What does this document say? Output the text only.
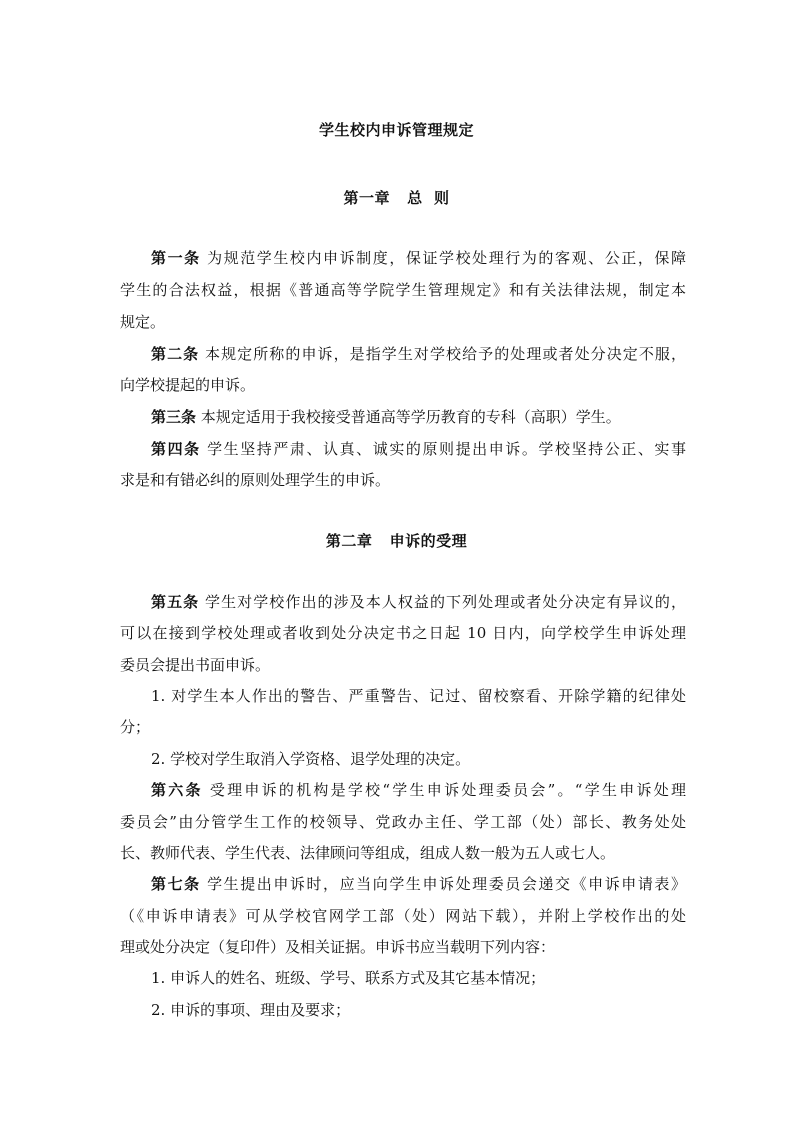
学生校内申诉管理规定
第一章   总  则
第一条 为规范学生校内申诉制度，保证学校处理行为的客观、公正，保障
学生的合法权益，根据《普通高等学院学生管理规定》和有关法律法规，制定本
规定。
第二条 本规定所称的申诉，是指学生对学校给予的处理或者处分决定不服，
向学校提起的申诉。
第三条 本规定适用于我校接受普通高等学历教育的专科（高职）学生。
第四条 学生坚持严肃、认真、诚实的原则提出申诉。学校坚持公正、实事
求是和有错必纠的原则处理学生的申诉。
第二章   申诉的受理
第五条 学生对学校作出的涉及本人权益的下列处理或者处分决定有异议的，
可以在接到学校处理或者收到处分决定书之日起 10 日内，向学校学生申诉处理
委员会提出书面申诉。
1. 对学生本人作出的警告、严重警告、记过、留校察看、开除学籍的纪律处
分；
2. 学校对学生取消入学资格、退学处理的决定。
第六条 受理申诉的机构是学校“学生申诉处理委员会”。“学生申诉处理
委员会”由分管学生工作的校领导、党政办主任、学工部（处）部长、教务处处
长、教师代表、学生代表、法律顾问等组成，组成人数一般为五人或七人。
第七条 学生提出申诉时，应当向学生申诉处理委员会递交《申诉申请表》
（《申诉申请表》可从学校官网学工部（处）网站下载），并附上学校作出的处
理或处分决定（复印件）及相关证据。申诉书应当载明下列内容：
1. 申诉人的姓名、班级、学号、联系方式及其它基本情况；
2. 申诉的事项、理由及要求；
